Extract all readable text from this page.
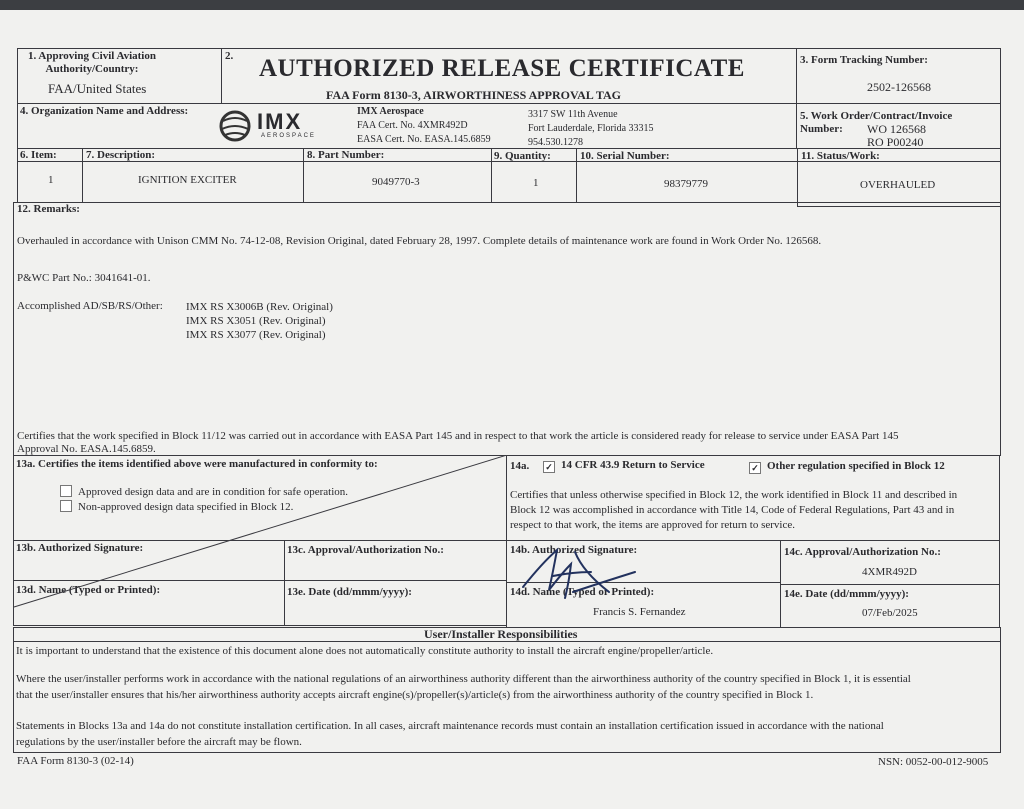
1. Approving Civil Aviation Authority/Country:
FAA/United States
2. AUTHORIZED RELEASE CERTIFICATE
FAA Form 8130-3, AIRWORTHINESS APPROVAL TAG
3. Form Tracking Number:
2502-126568
4. Organization Name and Address:	IMX
AEROSPACE
IMX Aerospace
FAA Cert. No. 4XMR492D
EASA Cert. No. EASA.145.6859
3317 SW 11th Avenue
Fort Lauderdale, Florida 33315
954.530.1278
5. Work Order/Contract/Invoice
Number: WO 126568
RO P00240
6. Item:	7. Description:	8. Part Number:	9. Quantity:	10. Serial Number:	11. Status/Work:
1	IGNITION EXCITER	9049770-3	1	98379779	OVERHAULED
12. Remarks:
Overhauled in accordance with Unison CMM No. 74-12-08, Revision Original, dated February 28, 1997. Complete details of maintenance work are found in Work Order No. 126568.
P&WC Part No.: 3041641-01.
Accomplished AD/SB/RS/Other: IMX RS X3006B (Rev. Original)
IMX RS X3051 (Rev. Original)
IMX RS X3077 (Rev. Original)
Certifies that the work specified in Block 11/12 was carried out in accordance with EASA Part 145 and in respect to that work the article is considered ready for release to service under EASA Part 145
Approval No. EASA.145.6859.
13a. Certifies the items identified above were manufactured in conformity to:
Approved design data and are in condition for safe operation.
Non-approved design data specified in Block 12.
14a. ✓ 14 CFR 43.9 Return to Service	✓ Other regulation specified in Block 12
Certifies that unless otherwise specified in Block 12, the work identified in Block 11 and described in
Block 12 was accomplished in accordance with Title 14, Code of Federal Regulations, Part 43 and in
respect to that work, the items are approved for return to service.
13b. Authorized Signature:	13c. Approval/Authorization No.:	14b. Authorized Signature:	14c. Approval/Authorization No.:
4XMR492D
13d. Name (Typed or Printed):	13e. Date (dd/mmm/yyyy):	14d. Name (Typed or Printed):
Francis S. Fernandez
14e. Date (dd/mmm/yyyy):
07/Feb/2025
User/Installer Responsibilities
It is important to understand that the existence of this document alone does not automatically constitute authority to install the aircraft engine/propeller/article.
Where the user/installer performs work in accordance with the national regulations of an airworthiness authority different than the airworthiness authority of the country specified in Block 1, it is essential
that the user/installer ensures that his/her airworthiness authority accepts aircraft engine(s)/propeller(s)/article(s) from the airworthiness authority of the country specified in Block 1.
Statements in Blocks 13a and 14a do not constitute installation certification. In all cases, aircraft maintenance records must contain an installation certification issued in accordance with the national
regulations by the user/installer before the aircraft may be flown.
FAA Form 8130-3 (02-14)	NSN: 0052-00-012-9005
